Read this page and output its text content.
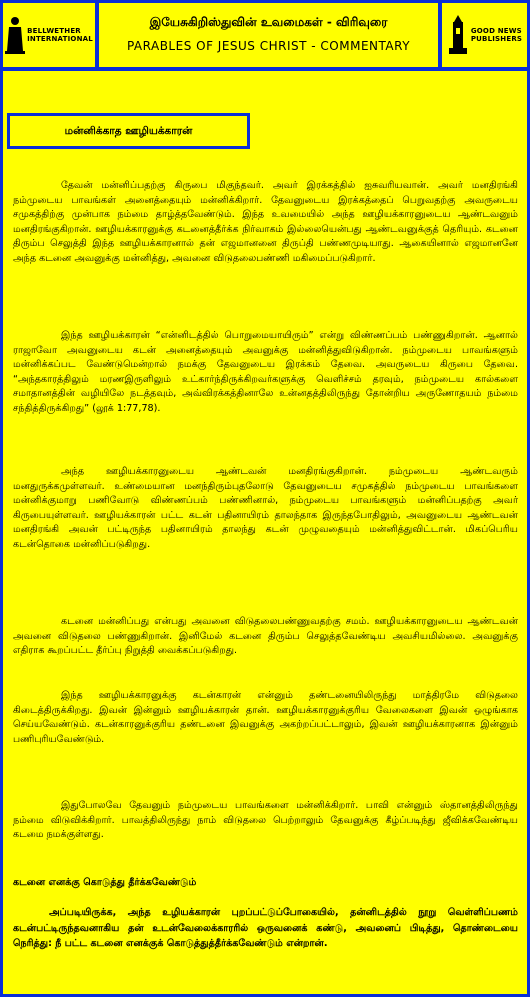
BELLWETHER
INTERNATIONAL
இயேசுகிறிஸ்துவின் உவமைகள் - விரிவுரை
PARABLES OF JESUS CHRIST - COMMENTARY
GOOD NEWS
PUBLISHERS
மன்னிக்காத ஊழியக்காரன்

தேவன் மன்னிப்பதற்கு கிருபை மிகுந்தவர். அவர் இரக்கத்தில் ஐசுவரியவான். அவர் மனதிரங்கி நம்முடைய பாவங்கள் அனைத்தையும் மன்னிக்கிறார். தேவனுடைய இரக்கத்தைப் பெறுவதற்கு அவருடைய சமுகத்திற்கு முன்பாக நம்மை தாழ்த்தவேண்டும். இந்த உவமையில் அந்த ஊழியக்காரனுடைய ஆண்டவனும் மனதிரங்குகிறான். ஊழியக்காரனுக்கு கடனைத்தீர்க்க நிர்வாகம் இல்லையென்பது ஆண்டவனுக்குத் தெரியும். கடனை திரும்ப செலுத்தி இந்த ஊழியக்காரனால் தன் எஜமானனை திருப்தி பண்ணமுடியாது. ஆகையினால் எஜமானனே அந்த கடனை அவனுக்கு மன்னித்து, அவனை விடுதலைபண்ணி மகிமைப்படுகிறார்.

இந்த ஊழியக்காரன் “என்னிடத்தில் பொறுமையாயிரும்” என்று விண்ணப்பம் பண்ணுகிறான். ஆனால் ராஜாவோ அவனுடைய கடன் அனைத்தையும் அவனுக்கு மன்னித்துவிடுகிறான். நம்முடைய பாவங்களும் மன்னிக்கப்பட வேண்டுமென்றால் நமக்கு தேவனுடைய இரக்கம் தேவை. அவருடைய கிருபை தேவை. “அந்தகாரத்திலும் மரணஇருளிலும் உட்கார்ந்திருக்கிறவர்களுக்கு வெளிச்சம் தரவும், நம்முடைய கால்களை சமாதானத்தின் வழியிலே நடத்தவும், அவ்விரக்கத்தினாலே உன்னதத்திலிருந்து தோன்றிய அருணோதயம் நம்மை சந்தித்திருக்கிறது” (லூக் 1:77,78).

அந்த ஊழியக்காரனுடைய ஆண்டவன் மனதிரங்குகிறான். நம்முடைய ஆண்டவரும் மனதுருக்கமுள்ளவர். உண்மையான மனந்திரும்புதலோடு தேவனுடைய சமுகத்தில் நம்முடைய பாவங்களை மன்னிக்குமாறு பணிவோடு விண்ணப்பம் பண்ணினால், நம்முடைய பாவங்களும் மன்னிப்பதற்கு அவர் கிருபையுள்ளவர். ஊழியக்காரன் பட்ட கடன் பதினாயிரம் தாலந்தாக இருந்தபோதிலும், அவனுடைய ஆண்டவன் மனதிரங்கி அவன் பட்டிருந்த பதினாயிரம் தாலந்து கடன் முழுவதையும் மன்னித்துவிட்டான். மிகப்பெரிய கடன்தொகை மன்னிப்படுகிறது.

கடனை மன்னிப்பது என்பது அவனை விடுதலைபண்ணுவதற்கு சமம். ஊழியக்காரனுடைய ஆண்டவன் அவனை விடுதலை பண்ணுகிறான். இனிமேல் கடனை திரும்ப செலுத்தவேண்டிய அவசியமில்லை. அவனுக்கு எதிராக கூறப்பட்ட தீர்ப்பு நிறுத்தி வைக்கப்படுகிறது.

இந்த ஊழியக்காரனுக்கு கடன்காரன் என்னும் தண்டனையிலிருந்து மாத்திரமே விடுதலை கிடைத்திருக்கிறது. இவன் இன்னும் ஊழியக்காரன் தான். ஊழியக்காரனுக்குரிய வேலைகளை இவன் ஒழுங்காக செய்யவேண்டும். கடன்காரனுக்குரிய தண்டனை இவனுக்கு அகற்றப்பட்டாலும், இவன் ஊழியக்காரனாக இன்னும் பணிபுரியவேண்டும்.

இதுபோலவே தேவனும் நம்முடைய பாவங்களை மன்னிக்கிறார். பாவி என்னும் ஸ்தானத்திலிருந்து நம்மை விடுவிக்கிறார். பாவத்திலிருந்து நாம் விடுதலை பெற்றாலும் தேவனுக்கு கீழ்ப்படிந்து ஜீவிக்கவேண்டிய கடமை நமக்குள்ளது.

கடனை எனக்கு கொடுத்து தீர்க்கவேண்டும்

அப்படியிருக்க, அந்த உழியக்காரன் புறப்பட்டுப்போகையில், தன்னிடத்தில் நூறு வெள்ளிப்பணம் கடன்பட்டிருந்தவனாகிய தன் உடன்வேலைக்காரரில் ஒருவனைக் கண்டு, அவனைப் பிடித்து, தொண்டையை நெரித்து: நீ பட்ட கடனை எனக்குக் கொடுத்துத்தீர்க்கவேண்டும் என்றான்.
